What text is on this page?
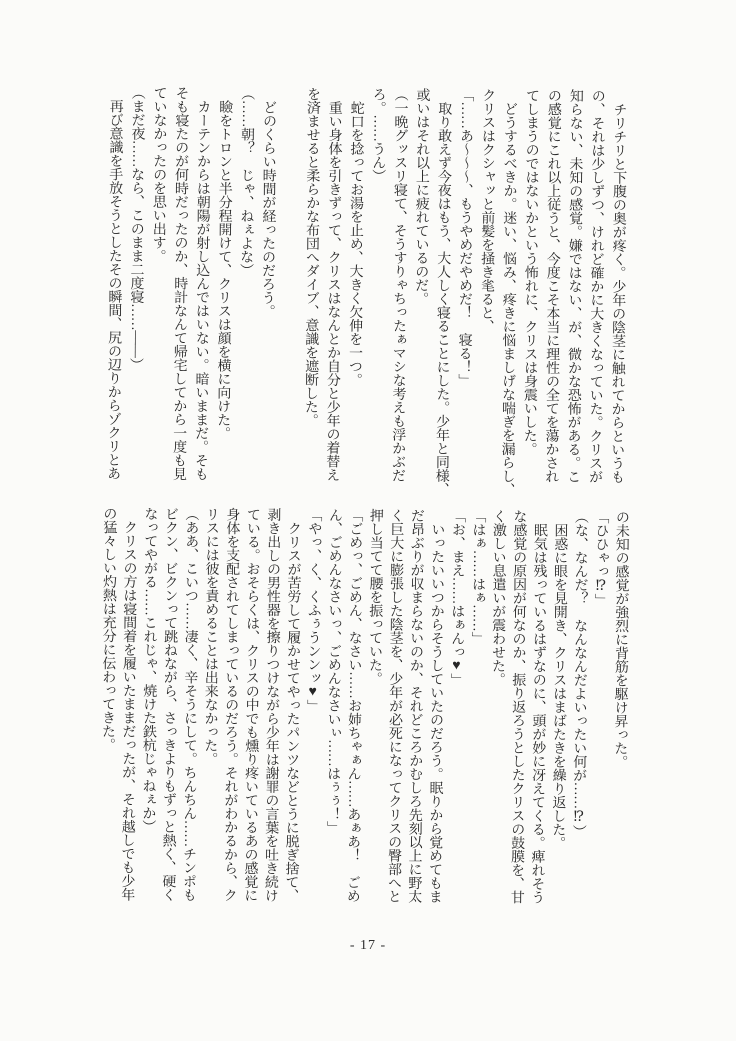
　チリチリと下腹の奥が疼く。少年の陰茎に触れてからというも

の、それは少しずつ、けれど確かに大きくなっていた。クリスが

知らない、未知の感覚。嫌ではない、が、微かな恐怖がある。こ

の感覚にこれ以上従うと、今度こそ本当に理性の全てを蕩かされ

てしまうのではないかという怖れに、クリスは身震いした。

　どうするべきか。迷い、悩み、疼きに悩ましげな喘ぎを漏らし、

クリスはクシャッと前髪を掻き毟ると、

「……あ〜〜〜、もうやめだやめだ！　寝る！」

　取り敢えず今夜はもう、大人しく寝ることにした。少年と同様、

或いはそれ以上に疲れているのだ。

（一晩グッスリ寝て、そうすりゃちったぁマシな考えも浮かぶだ

ろ。……うん）

　蛇口を捻ってお湯を止め、大きく欠伸を一つ。

　重い身体を引きずって、クリスはなんとか自分と少年の着替え

を済ませると柔らかな布団へダイブ、意識を遮断した。

　どのくらい時間が経ったのだろう。

（……朝？　じゃ、ねぇよな）

　瞼をトロンと半分程開けて、クリスは顔を横に向けた。

　カーテンからは朝陽が射し込んではいない。暗いままだ。そも

そも寝たのが何時だったのか、時計なんて帰宅してから一度も見

ていなかったのを思い出す。

（まだ夜……なら、このまま二度寝……――）

　再び意識を手放そうとしたその瞬間、尻の辺りからゾクリとあ

の未知の感覚が強烈に背筋を駆け昇った。

「ひひゃっ⁉」

（な、なんだ？　なんなんだよいったい何が……⁉）

　困惑に眼を見開き、クリスはまばたきを繰り返した。

　眠気は残っているはずなのに、頭が妙に冴えてくる。痺れそう

な感覚の原因が何なのか、振り返ろうとしたクリスの鼓膜を、甘

く激しい息遣いが震わせた。

「はぁ……はぁ……」

「お、まえ……はぁんっ♥」

　いったいいつからそうしていたのだろう。眠りから覚めてもま

だ昂ぶりが収まらないのか、それどころかむしろ先刻以上に野太

く巨大に膨張した陰茎を、少年が必死になってクリスの臀部へと

押し当てて腰を振っていた。

「ごめっ、ごめん、なさい……お姉ちゃぁん……あぁあ！　ごめ

ん、ごめんなさいっ、ごめんなさいぃ……はぅぅ！」

「やっ、く、くふぅうンンッ♥」

　クリスが苦労して履かせてやったパンツなどとうに脱ぎ捨て、

剥き出しの男性器を擦りつけながら少年は謝罪の言葉を吐き続け

ている。おそらくは、クリスの中でも燻り疼いているあの感覚に

身体を支配されてしまっているのだろう。それがわかるから、ク

リスには彼を責めることは出来なかった。

（ああ、こいつ……凄く、辛そうにして。ちんちん……チンポも

ビクン、ビクンって跳ねながら、さっきよりもずっと熱く、硬く

なってやがる……これじゃ、焼けた鉄杭じゃねぇか）

　クリスの方は寝間着を履いたままだったが、それ越しでも少年

の猛々しい灼熱は充分に伝わってきた。

- 17 -
